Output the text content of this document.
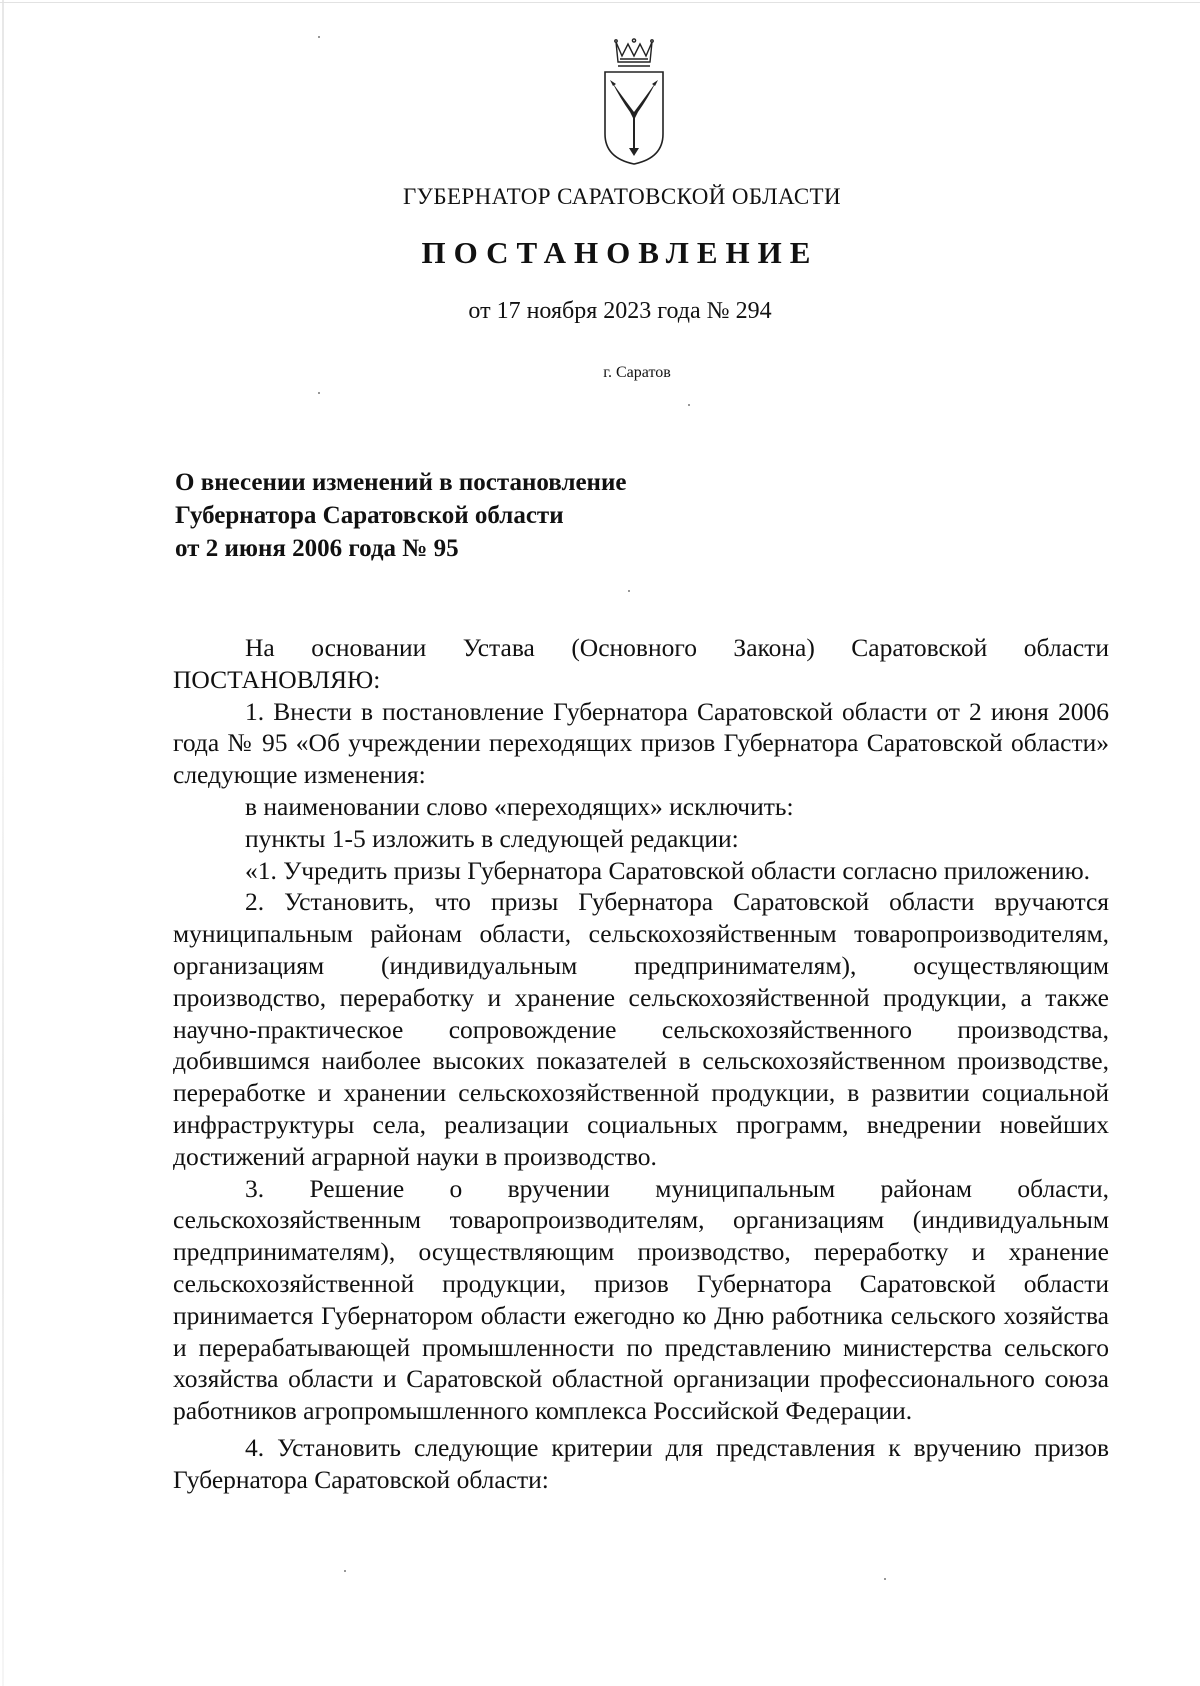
ГУБЕРНАТОР САРАТОВСКОЙ ОБЛАСТИ
ПОСТАНОВЛЕНИЕ
от 17 ноября 2023 года № 294
г. Саратов
О внесении изменений в постановление
Губернатора Саратовской области
от 2 июня 2006 года № 95

На основании Устава (Основного Закона) Саратовской области ПОСТАНОВЛЯЮ:

1. Внести в постановление Губернатора Саратовской области от 2 июня 2006 года № 95 «Об учреждении переходящих призов Губернатора Саратовской области» следующие изменения:

в наименовании слово «переходящих» исключить:

пункты 1-5 изложить в следующей редакции:

«1. Учредить призы Губернатора Саратовской области согласно приложению.

2. Установить, что призы Губернатора Саратовской области вручаются муниципальным районам области, сельскохозяйственным товаропроизводителям, организациям (индивидуальным предпринимателям), осуществляющим производство, переработку и хранение сельскохозяйственной продукции, а также научно-практическое сопровождение сельскохозяйственного производства, добившимся наиболее высоких показателей в сельскохозяйственном производстве, переработке и хранении сельскохозяйственной продукции, в развитии социальной инфраструктуры села, реализации социальных программ, внедрении новейших достижений аграрной науки в производство.

3. Решение о вручении муниципальным районам области, сельскохозяйственным товаропроизводителям, организациям (индивидуальным предпринимателям), осуществляющим производство, переработку и хранение сельскохозяйственной продукции, призов Губернатора Саратовской области принимается Губернатором области ежегодно ко Дню работника сельского хозяйства и перерабатывающей промышленности по представлению министерства сельского хозяйства области и Саратовской областной организации профессионального союза работников агропромышленного комплекса Российской Федерации.

4. Установить следующие критерии для представления к вручению призов Губернатора Саратовской области:
